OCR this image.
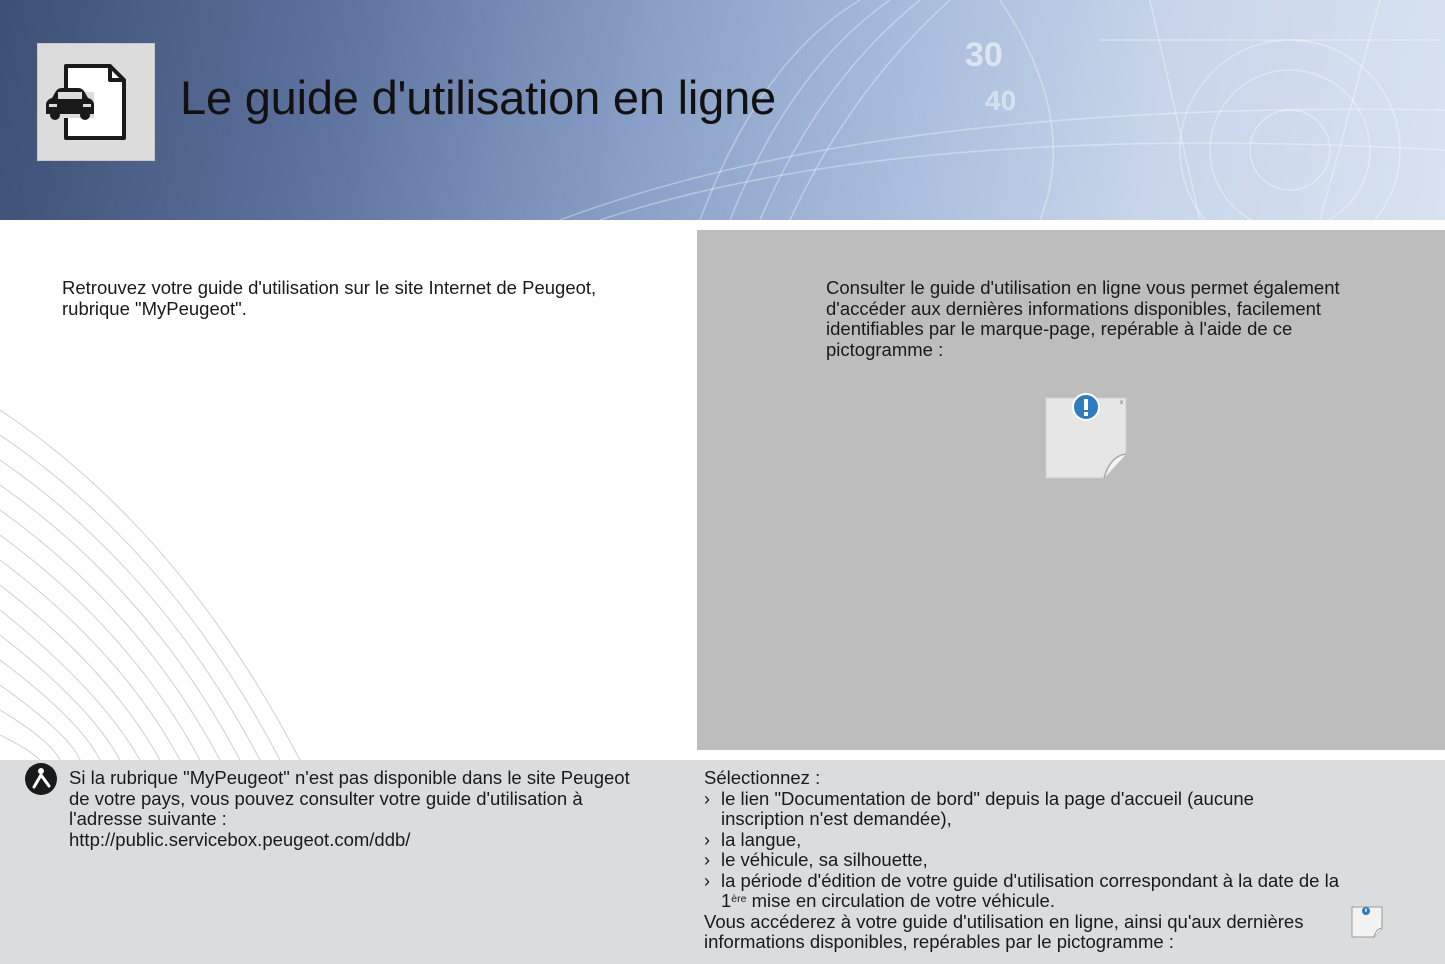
30
40
Le guide d'utilisation en ligne
Retrouvez votre guide d'utilisation sur le site Internet de Peugeot, rubrique "MyPeugeot".
Consulter le guide d'utilisation en ligne vous permet également d'accéder aux dernières informations disponibles, facilement identifiables par le marque-page, repérable à l'aide de ce pictogramme :
x
Si la rubrique "MyPeugeot" n'est pas disponible dans le site Peugeot
de votre pays, vous pouvez consulter votre guide d'utilisation à
l'adresse suivante :
http://public.servicebox.peugeot.com/ddb/
Sélectionnez :
› le lien "Documentation de bord" depuis la page d'accueil (aucune
inscription n'est demandée),
› la langue,
› le véhicule, sa silhouette,
› la période d'édition de votre guide d'utilisation correspondant à la date de la
1ère mise en circulation de votre véhicule.
Vous accéderez à votre guide d'utilisation en ligne, ainsi qu'aux dernières
informations disponibles, repérables par le pictogramme :
